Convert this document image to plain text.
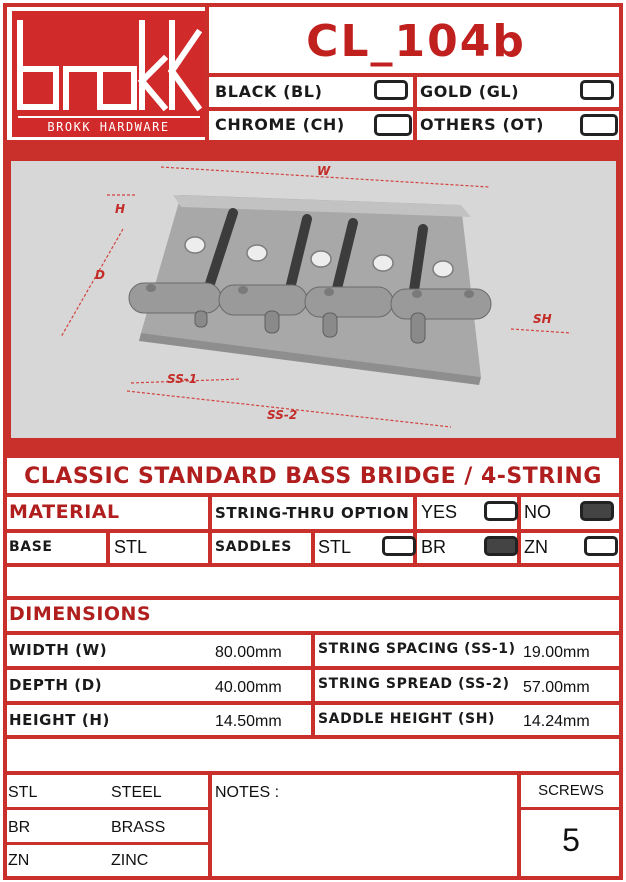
BROKK HARDWARE
CL_104b
BLACK (BL)	GOLD (GL)
CHROME (CH)	OTHERS (OT)
W
H
D
SH
SS-1
SS-2
CLASSIC STANDARD BASS BRIDGE / 4-STRING
MATERIAL	STRING-THRU OPTION YES	NO
BASE	STL	SADDLES STL	BR	ZN
DIMENSIONS
WIDTH (W)	80.00mm	STRING SPACING (SS-1) 19.00mm
DEPTH (D)	40.00mm	STRING SPREAD (SS-2) 57.00mm
HEIGHT (H)	14.50mm	SADDLE HEIGHT (SH) 14.24mm
STL	STEEL
BR	BRASS
ZN	ZINC
NOTES :	SCREWS
5
